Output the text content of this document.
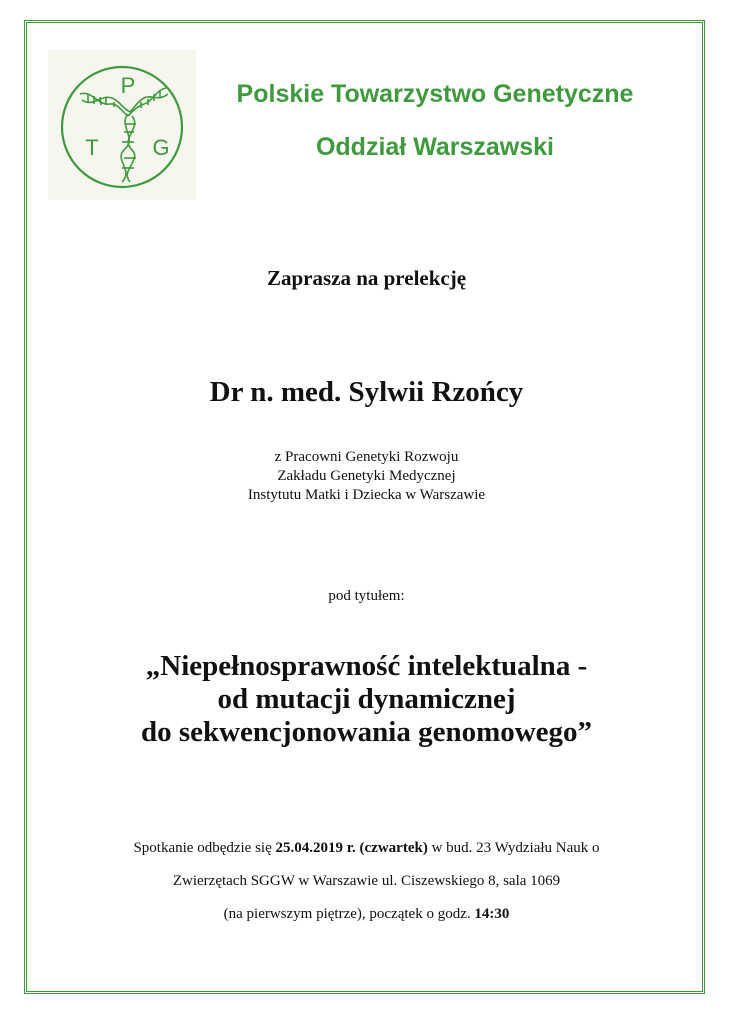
P
T G
Polskie Towarzystwo Genetyczne
Oddział Warszawski
Zaprasza na prelekcję
Dr n. med. Sylwii Rzońcy
z Pracowni Genetyki Rozwoju
Zakładu Genetyki Medycznej
Instytutu Matki i Dziecka w Warszawie
pod tytułem:
„Niepełnosprawność intelektualna -
od mutacji dynamicznej
do sekwencjonowania genomowego”
Spotkanie odbędzie się 25.04.2019 r. (czwartek) w bud. 23 Wydziału Nauk o
Zwierzętach SGGW w Warszawie ul. Ciszewskiego 8, sala 1069
(na pierwszym piętrze), początek o godz. 14:30
